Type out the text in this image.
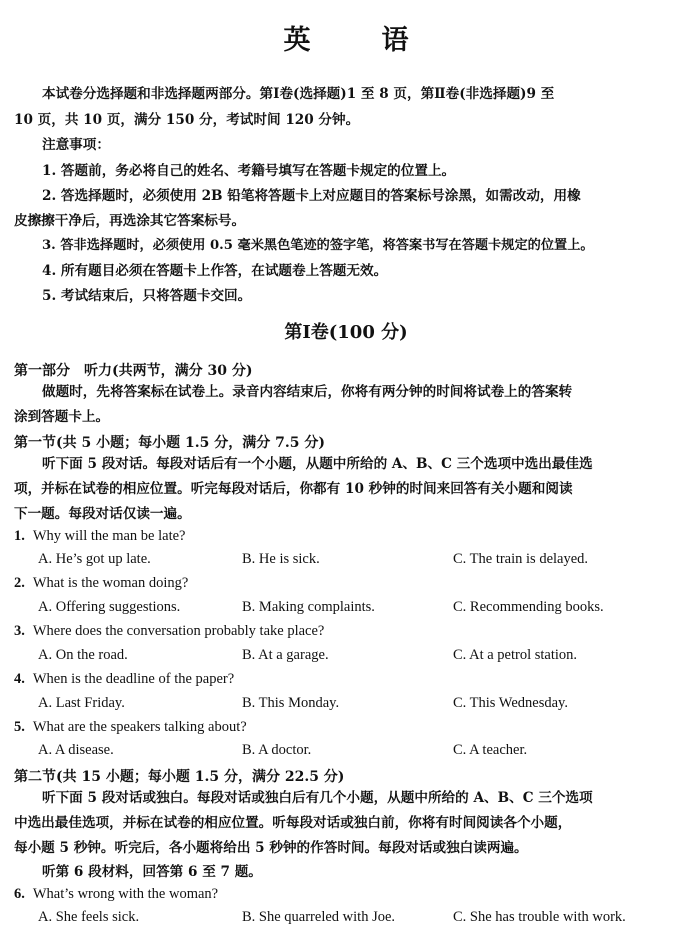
英　语
本试卷分选择题和非选择题两部分。第Ⅰ卷(选择题)1 至 8 页，第Ⅱ卷(非选择题)9 至
10 页，共 10 页，满分 150 分，考试时间 120 分钟。
注意事项：
1. 答题前，务必将自己的姓名、考籍号填写在答题卡规定的位置上。
2. 答选择题时，必须使用 2B 铅笔将答题卡上对应题目的答案标号涂黑，如需改动，用橡
皮擦擦干净后，再选涂其它答案标号。
3. 答非选择题时，必须使用 0.5 毫米黑色笔迹的签字笔，将答案书写在答题卡规定的位置上。
4. 所有题目必须在答题卡上作答，在试题卷上答题无效。
5. 考试结束后，只将答题卡交回。
第Ⅰ卷(100 分)
第一部分　听力(共两节，满分 30 分)
做题时，先将答案标在试卷上。录音内容结束后，你将有两分钟的时间将试卷上的答案转
涂到答题卡上。
第一节(共 5 小题；每小题 1.5 分，满分 7.5 分)
听下面 5 段对话。每段对话后有一个小题，从题中所给的 A、B、C 三个选项中选出最佳选
项，并标在试卷的相应位置。听完每段对话后，你都有 10 秒钟的时间来回答有关小题和阅读
下一题。每段对话仅读一遍。
1. Why will the man be late?
A. He’s got up late.	B. He is sick.	C. The train is delayed.
2. What is the woman doing?
A. Offering suggestions.	B. Making complaints.	C. Recommending books.
3. Where does the conversation probably take place?
A. On the road.	B. At a garage.	C. At a petrol station.
4. When is the deadline of the paper?
A. Last Friday.	B. This Monday.	C. This Wednesday.
5. What are the speakers talking about?
A. A disease.	B. A doctor.	C. A teacher.
第二节(共 15 小题；每小题 1.5 分，满分 22.5 分)
听下面 5 段对话或独白。每段对话或独白后有几个小题，从题中所给的 A、B、C 三个选项
中选出最佳选项，并标在试卷的相应位置。听每段对话或独白前，你将有时间阅读各个小题，
每小题 5 秒钟。听完后，各小题将给出 5 秒钟的作答时间。每段对话或独白读两遍。
听第 6 段材料，回答第 6 至 7 题。
6. What’s wrong with the woman?
A. She feels sick.	B. She quarreled with Joe.	C. She has trouble with work.
